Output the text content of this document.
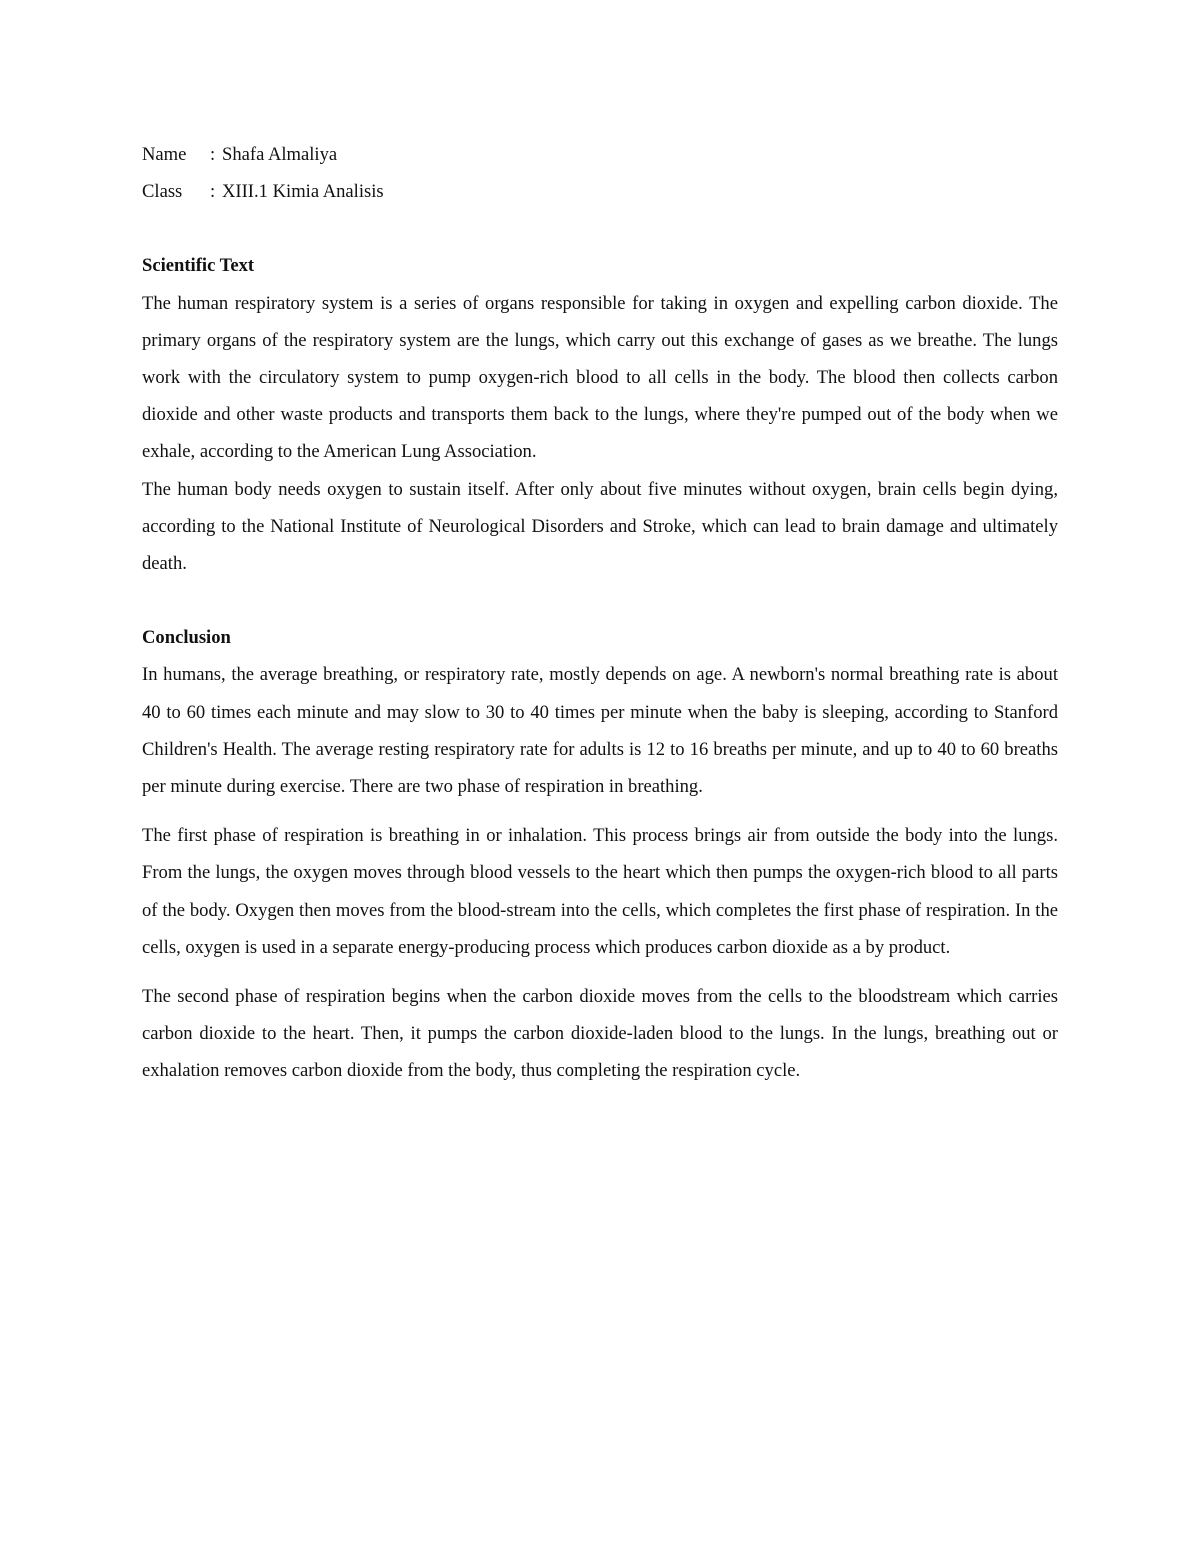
Name	: Shafa Almaliya
Class	: XIII.1 Kimia Analisis
Scientific Text

The human respiratory system is a series of organs responsible for taking in oxygen and expelling carbon dioxide. The primary organs of the respiratory system are the lungs, which carry out this exchange of gases as we breathe. The lungs work with the circulatory system to pump oxygen-rich blood to all cells in the body. The blood then collects carbon dioxide and other waste products and transports them back to the lungs, where they're pumped out of the body when we exhale, according to the American Lung Association.

The human body needs oxygen to sustain itself. After only about five minutes without oxygen, brain cells begin dying, according to the National Institute of Neurological Disorders and Stroke, which can lead to brain damage and ultimately death.

Conclusion

In humans, the average breathing, or respiratory rate, mostly depends on age. A newborn's normal breathing rate is about 40 to 60 times each minute and may slow to 30 to 40 times per minute when the baby is sleeping, according to Stanford Children's Health. The average resting respiratory rate for adults is 12 to 16 breaths per minute, and up to 40 to 60 breaths per minute during exercise. There are two phase of respiration in breathing.

The first phase of respiration is breathing in or inhalation. This process brings air from outside the body into the lungs. From the lungs, the oxygen moves through blood vessels to the heart which then pumps the oxygen-rich blood to all parts of the body. Oxygen then moves from the blood-stream into the cells, which completes the first phase of respiration. In the cells, oxygen is used in a separate energy-producing process which produces carbon dioxide as a by product.

The second phase of respiration begins when the carbon dioxide moves from the cells to the bloodstream which carries carbon dioxide to the heart. Then, it pumps the carbon dioxide-laden blood to the lungs. In the lungs, breathing out or exhalation removes carbon dioxide from the body, thus completing the respiration cycle.
